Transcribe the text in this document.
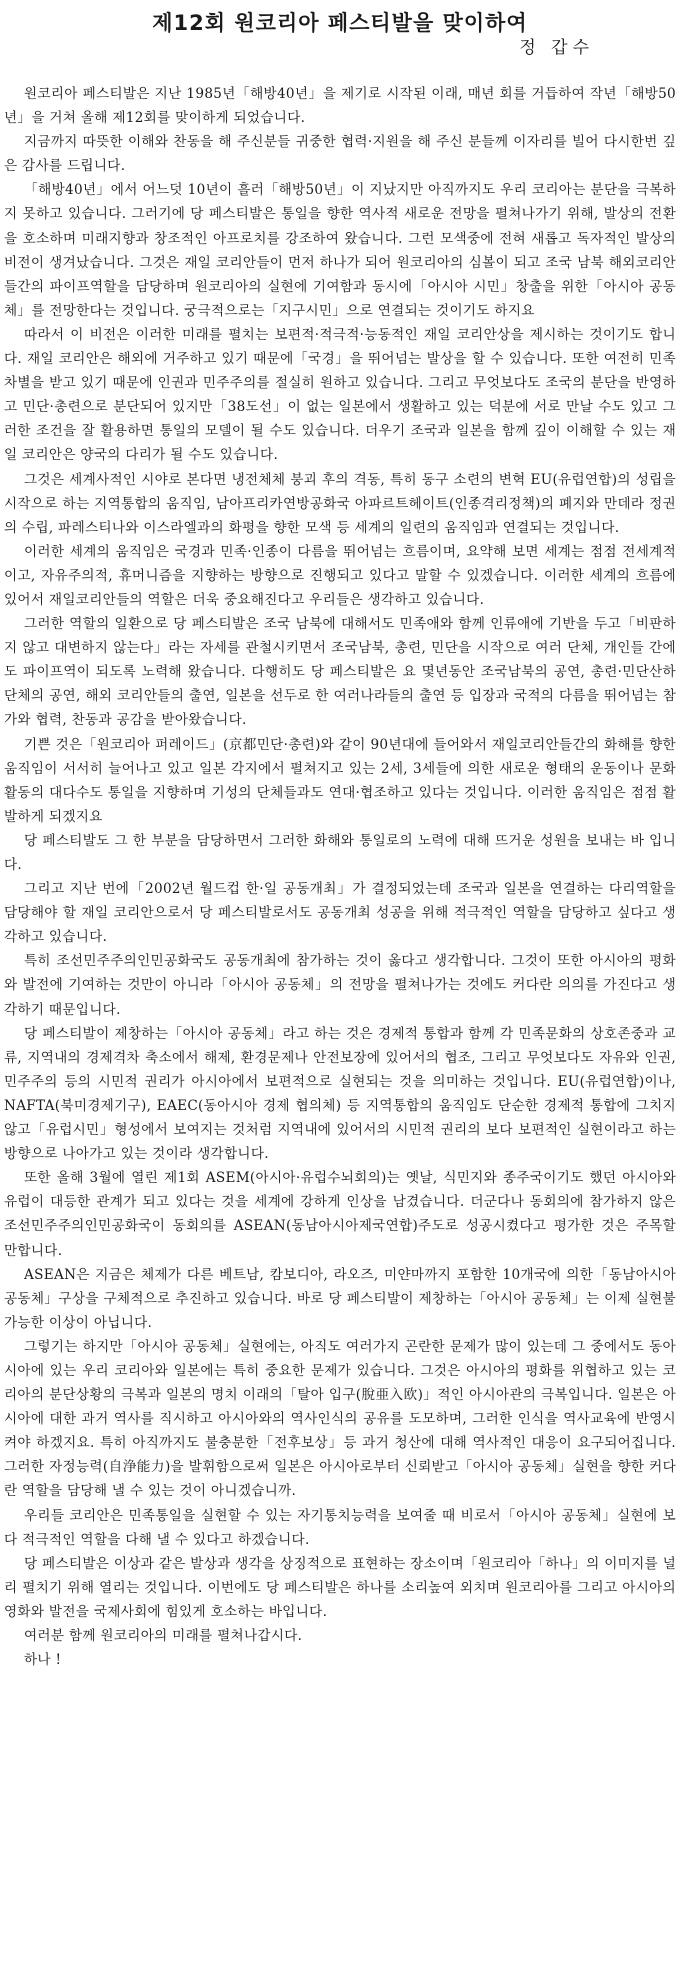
제12회 원코리아 페스티발을 맞이하여

정 갑수

원코리아 페스티발은 지난 1985년「해방40년」을 제기로 시작된 이래, 매년 회를 거듭하여 작년「해방50년」을 거쳐 올해 제12회를 맞이하게 되었습니다.

지금까지 따뜻한 이해와 찬동을 해 주신분들 귀중한 협력·지원을 해 주신 분들께 이자리를 빌어 다시한번 깊은 감사를 드립니다.

「해방40년」에서 어느덧 10년이 흘러「해방50년」이 지났지만 아직까지도 우리 코리아는 분단을 극복하지 못하고 있습니다. 그러기에 당 페스티발은 통일을 향한 역사적 새로운 전망을 펼쳐나가기 위해, 발상의 전환을 호소하며 미래지향과 창조적인 아프로치를 강조하여 왔습니다. 그런 모색중에 전혀 새롭고 독자적인 발상의 비전이 생겨났습니다. 그것은 재일 코리안들이 먼저 하나가 되어 원코리아의 심볼이 되고 조국 남북 해외코리안들간의 파이프역할을 담당하며 원코리아의 실현에 기여함과 동시에「아시아 시민」창출을 위한「아시아 공동체」를 전망한다는 것입니다. 궁극적으로는「지구시민」으로 연결되는 것이기도 하지요

따라서 이 비전은 이러한 미래를 펼치는 보편적·적극적·능동적인 재일 코리안상을 제시하는 것이기도 합니다. 재일 코리안은 해외에 거주하고 있기 때문에「국경」을 뛰어넘는 발상을 할 수 있습니다. 또한 여전히 민족 차별을 받고 있기 때문에 인권과 민주주의를 절실히 원하고 있습니다. 그리고 무엇보다도 조국의 분단을 반영하고 민단·총련으로 분단되어 있지만「38도선」이 없는 일본에서 생활하고 있는 덕분에 서로 만날 수도 있고 그러한 조건을 잘 활용하면 통일의 모델이 될 수도 있습니다. 더우기 조국과 일본을 함께 깊이 이해할 수 있는 재일 코리안은 양국의 다리가 될 수도 있습니다.

그것은 세계사적인 시야로 본다면 냉전체체 붕괴 후의 격동, 특히 동구 소련의 변혁 EU(유럽연합)의 성립을 시작으로 하는 지역통합의 움직임, 남아프리카연방공화국 아파르트헤이트(인종격리정책)의 폐지와 만데라 정권의 수립, 파레스티나와 이스라엘과의 화평을 향한 모색 등 세계의 일련의 움직임과 연결되는 것입니다.

이러한 세계의 움직임은 국경과 민족·인종이 다름을 뛰어넘는 흐름이며, 요약해 보면 세계는 점점 전세계적이고, 자유주의적, 휴머니즘을 지향하는 방향으로 진행되고 있다고 말할 수 있겠습니다. 이러한 세계의 흐름에 있어서 재일코리안들의 역할은 더욱 중요해진다고 우리들은 생각하고 있습니다.

그러한 역할의 일환으로 당 페스티발은 조국 남북에 대해서도 민족애와 함께 인류애에 기반을 두고「비판하지 않고 대변하지 않는다」라는 자세를 관철시키면서 조국남북, 총련, 민단을 시작으로 여러 단체, 개인들 간에도 파이프역이 되도록 노력해 왔습니다. 다행히도 당 페스티발은 요 몇년동안 조국남북의 공연, 총련·민단산하 단체의 공연, 해외 코리안들의 출연, 일본을 선두로 한 여러나라들의 출연 등 입장과 국적의 다름을 뛰어넘는 참가와 협력, 찬동과 공감을 받아왔습니다.

기쁜 것은「원코리아 퍼레이드」(京都민단·총련)와 같이 90년대에 들어와서 재일코리안들간의 화해를 향한 움직임이 서서히 늘어나고 있고 일본 각지에서 펼쳐지고 있는 2세, 3세들에 의한 새로운 형태의 운동이나 문화활동의 대다수도 통일을 지향하며 기성의 단체들과도 연대·협조하고 있다는 것입니다. 이러한 움직임은 점점 활발하게 되겠지요

당 페스티발도 그 한 부분을 담당하면서 그러한 화해와 통일로의 노력에 대해 뜨거운 성원을 보내는 바 입니다.

그리고 지난 번에「2002년 월드컵 한·일 공동개최」가 결정되었는데 조국과 일본을 연결하는 다리역할을 담당해야 할 재일 코리안으로서 당 페스티발로서도 공동개최 성공을 위해 적극적인 역할을 담당하고 싶다고 생각하고 있습니다.

특히 조선민주주의인민공화국도 공동개최에 참가하는 것이 옳다고 생각합니다. 그것이 또한 아시아의 평화와 발전에 기여하는 것만이 아니라「아시아 공동체」의 전망을 펼쳐나가는 것에도 커다란 의의를 가진다고 생각하기 때문입니다.

당 페스티발이 제창하는「아시아 공동체」라고 하는 것은 경제적 통합과 함께 각 민족문화의 상호존중과 교류, 지역내의 경제격차 축소에서 해제, 환경문제나 안전보장에 있어서의 협조, 그리고 무엇보다도 자유와 인권, 민주주의 등의 시민적 권리가 아시아에서 보편적으로 실현되는 것을 의미하는 것입니다. EU(유럽연합)이나, NAFTA(북미경제기구), EAEC(동아시아 경제 협의체) 등 지역통합의 움직임도 단순한 경제적 통합에 그치지 않고「유럽시민」형성에서 보여지는 것처럼 지역내에 있어서의 시민적 권리의 보다 보편적인 실현이라고 하는 방향으로 나아가고 있는 것이라 생각합니다.

또한 올해 3월에 열린 제1회 ASEM(아시아·유럽수뇌회의)는 옛날, 식민지와 종주국이기도 했던 아시아와 유럽이 대등한 관계가 되고 있다는 것을 세계에 강하게 인상을 남겼습니다. 더군다나 동회의에 참가하지 않은 조선민주주의인민공화국이 동회의를 ASEAN(동남아시아제국연합)주도로 성공시켰다고 평가한 것은 주목할 만합니다.

ASEAN은 지금은 체제가 다른 베트남, 캄보디아, 라오즈, 미얀마까지 포함한 10개국에 의한「동남아시아 공동체」구상을 구체적으로 추진하고 있습니다. 바로 당 페스티발이 제창하는「아시아 공동체」는 이제 실현불가능한 이상이 아닙니다.

그렇기는 하지만「아시아 공동체」실현에는, 아직도 여러가지 곤란한 문제가 많이 있는데 그 중에서도 동아시아에 있는 우리 코리아와 일본에는 특히 중요한 문제가 있습니다. 그것은 아시아의 평화를 위협하고 있는 코리아의 분단상황의 극복과 일본의 명치 이래의「탈아 입구(脫亜入欧)」적인 아시아관의 극복입니다. 일본은 아시아에 대한 과거 역사를 직시하고 아시아와의 역사인식의 공유를 도모하며, 그러한 인식을 역사교육에 반영시켜야 하겠지요. 특히 아직까지도 불충분한「전후보상」등 과거 청산에 대해 역사적인 대응이 요구되어집니다. 그러한 자정능력(自浄能力)을 발휘함으로써 일본은 아시아로부터 신뢰받고「아시아 공동체」실현을 향한 커다란 역할을 담당해 낼 수 있는 것이 아니겠습니까.

우리들 코리안은 민족통일을 실현할 수 있는 자기통치능력을 보여줄 때 비로서「아시아 공동체」실현에 보다 적극적인 역할을 다해 낼 수 있다고 하겠습니다.

당 페스티발은 이상과 같은 발상과 생각을 상징적으로 표현하는 장소이며「원코리아「하나」의 이미지를 널리 펼치기 위해 열리는 것입니다. 이번에도 당 페스티발은 하나를 소리높여 외치며 원코리아를 그리고 아시아의 영화와 발전을 국제사회에 힘있게 호소하는 바입니다.

여러분 함께 원코리아의 미래를 펼쳐나갑시다.

하나 !
